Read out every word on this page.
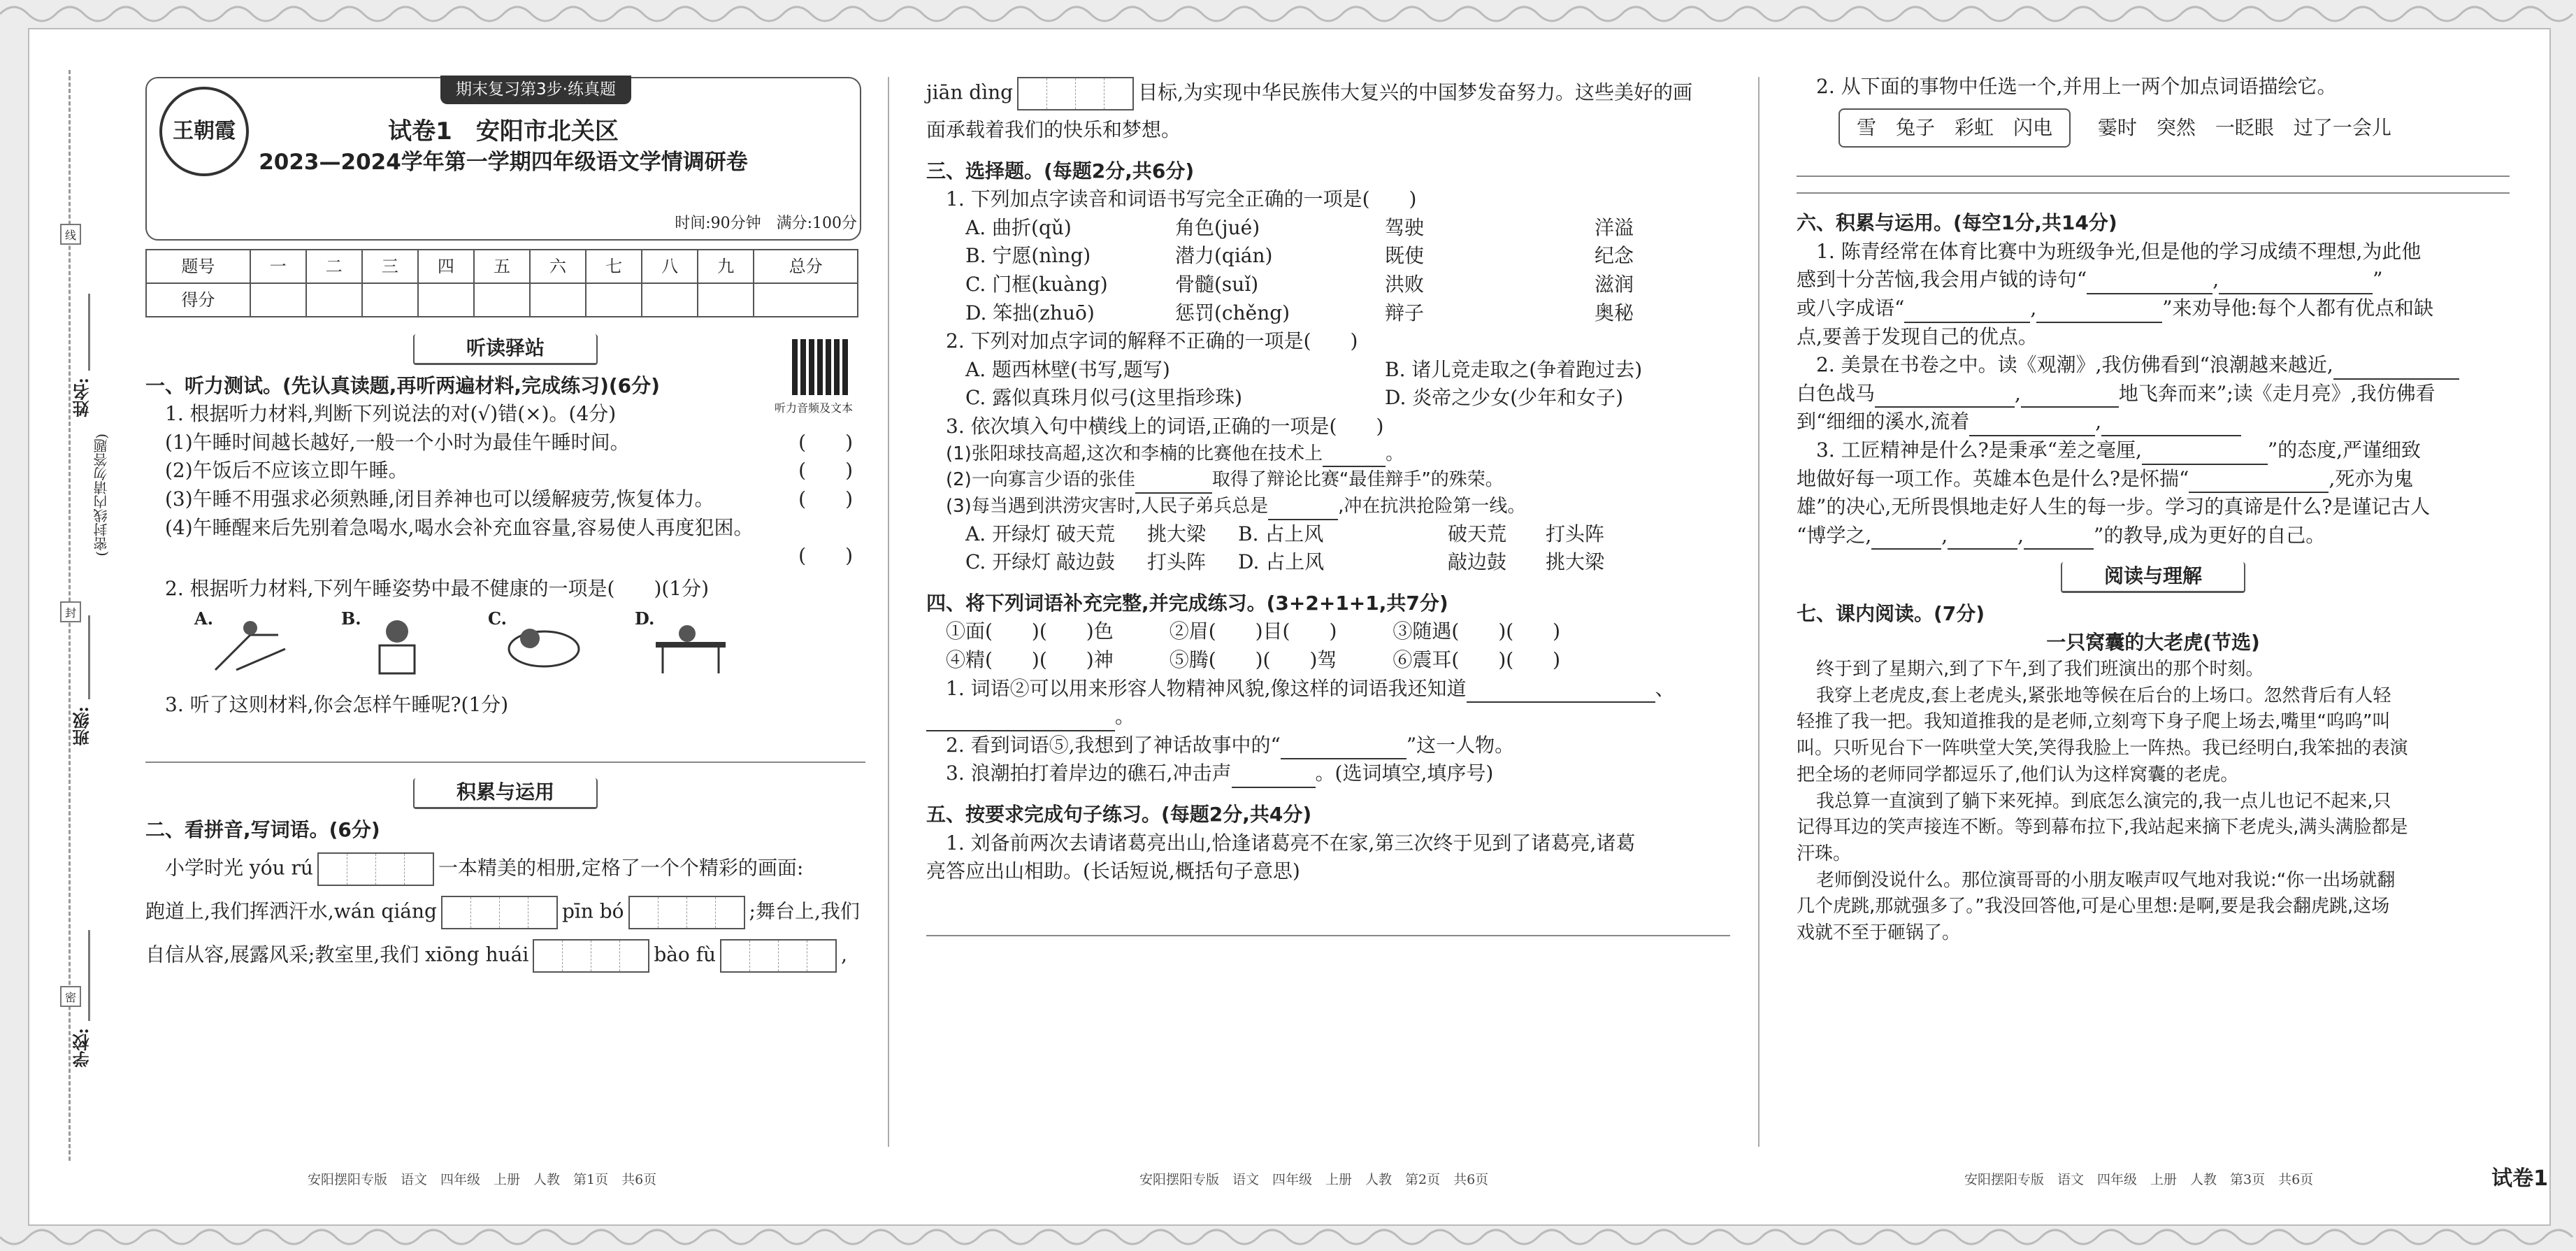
线
封
密
姓名:
(密封线内请勿答题)
班级:
学校:
王朝霞
期末复习第3步·练真题
试卷1　安阳市北关区
2023—2024学年第一学期四年级语文学情调研卷
时间:90分钟　满分:100分
题号	一	二	三	四	五	六	七	八	九	总分
得分										
听读驿站
听力音频及文本
一、听力测试。(先认真读题,再听两遍材料,完成练习)(6分)
1. 根据听力材料,判断下列说法的对(√)错(×)。(4分)
(1)午睡时间越长越好,一般一个小时为最佳午睡时间。	(　　)
(2)午饭后不应该立即午睡。	(　　)
(3)午睡不用强求必须熟睡,闭目养神也可以缓解疲劳,恢复体力。	(　　)
(4)午睡醒来后先别着急喝水,喝水会补充血容量,容易使人再度犯困。
(　　)
2. 根据听力材料,下列午睡姿势中最不健康的一项是(　　)(1分)
A.	B.	C.	D.
3. 听了这则材料,你会怎样午睡呢?(1分)
积累与运用
二、看拼音,写词语。(6分)
小学时光 yóu rú	一本精美的相册,定格了一个个精彩的画面:
跑道上,我们挥洒汗水,wán qiáng	pīn bó	;舞台上,我们
自信从容,展露风采;教室里,我们 xiōng huái	bào fù	,
安阳摆阳专版　语文　四年级　上册　人教　第1页　共6页
jiān dìng	目标,为实现中华民族伟大复兴的中国梦发奋努力。这些美好的画
面承载着我们的快乐和梦想。
三、选择题。(每题2分,共6分)
1. 下列加点字读音和词语书写完全正确的一项是(　　)
A. 曲折(qǔ)	角色(jué)	驾驶	洋溢
B. 宁愿(nìng)	潜力(qián)	既使	纪念
C. 门框(kuàng)	骨髓(suǐ)	洪败	滋润
D. 笨拙(zhuō)	惩罚(chěng)	辩子	奥秘
2. 下列对加点字词的解释不正确的一项是(　　)
A. 题西林壁(书写,题写)	B. 诸儿竞走取之(争着跑过去)
C. 露似真珠月似弓(这里指珍珠)	D. 炎帝之少女(少年和女子)
3. 依次填入句中横线上的词语,正确的一项是(　　)
(1)张阳球技高超,这次和李楠的比赛他在技术上	。
(2)一向寡言少语的张佳	取得了辩论比赛“最佳辩手”的殊荣。
(3)每当遇到洪涝灾害时,人民子弟兵总是	,冲在抗洪抢险第一线。
A. 开绿灯 破天荒	挑大梁	B. 占上风	破天荒	打头阵
C. 开绿灯 敲边鼓	打头阵	D. 占上风	敲边鼓	挑大梁
四、将下列词语补充完整,并完成练习。(3+2+1+1,共7分)
①面(　　)(　　)色	②眉(　　)目(　　)	③随遇(　　)(　　)
④精(　　)(　　)神	⑤腾(　　)(　　)驾	⑥震耳(　　)(　　)
1. 词语②可以用来形容人物精神风貌,像这样的词语我还知道	、
。
2. 看到词语⑤,我想到了神话故事中的“	”这一人物。
3. 浪潮拍打着岸边的礁石,冲击声	。(选词填空,填序号)
五、按要求完成句子练习。(每题2分,共4分)
1. 刘备前两次去请诸葛亮出山,恰逢诸葛亮不在家,第三次终于见到了诸葛亮,诸葛
亮答应出山相助。(长话短说,概括句子意思)
安阳摆阳专版　语文　四年级　上册　人教　第2页　共6页
2. 从下面的事物中任选一个,并用上一两个加点词语描绘它。
雪　兔子　彩虹　闪电 霎时　突然　一眨眼　过了一会儿
六、积累与运用。(每空1分,共14分)
1. 陈青经常在体育比赛中为班级争光,但是他的学习成绩不理想,为此他
感到十分苦恼,我会用卢钺的诗句“	,	”
或八字成语“	,	”来劝导他:每个人都有优点和缺
点,要善于发现自己的优点。
2. 美景在书卷之中。读《观潮》,我仿佛看到“浪潮越来越近,
白色战马	,	地飞奔而来”;读《走月亮》,我仿佛看
到“细细的溪水,流着	,
3. 工匠精神是什么?是秉承“差之毫厘,	”的态度,严谨细致
地做好每一项工作。英雄本色是什么?是怀揣“	,死亦为鬼
雄”的决心,无所畏惧地走好人生的每一步。学习的真谛是什么?是谨记古人
“博学之,	,	,	”的教导,成为更好的自己。
阅读与理解
七、课内阅读。(7分)
一只窝囊的大老虎(节选)
终于到了星期六,到了下午,到了我们班演出的那个时刻。
我穿上老虎皮,套上老虎头,紧张地等候在后台的上场口。忽然背后有人轻
轻推了我一把。我知道推我的是老师,立刻弯下身子爬上场去,嘴里“呜呜”叫
叫。只听见台下一阵哄堂大笑,笑得我脸上一阵热。我已经明白,我笨拙的表演
把全场的老师同学都逗乐了,他们认为这样窝囊的老虎。
我总算一直演到了躺下来死掉。到底怎么演完的,我一点儿也记不起来,只
记得耳边的笑声接连不断。等到幕布拉下,我站起来摘下老虎头,满头满脸都是
汗珠。
老师倒没说什么。那位演哥哥的小朋友喉声叹气地对我说:“你一出场就翻
几个虎跳,那就强多了。”我没回答他,可是心里想:是啊,要是我会翻虎跳,这场
戏就不至于砸锅了。
安阳摆阳专版　语文　四年级　上册　人教　第3页　共6页	试卷1
